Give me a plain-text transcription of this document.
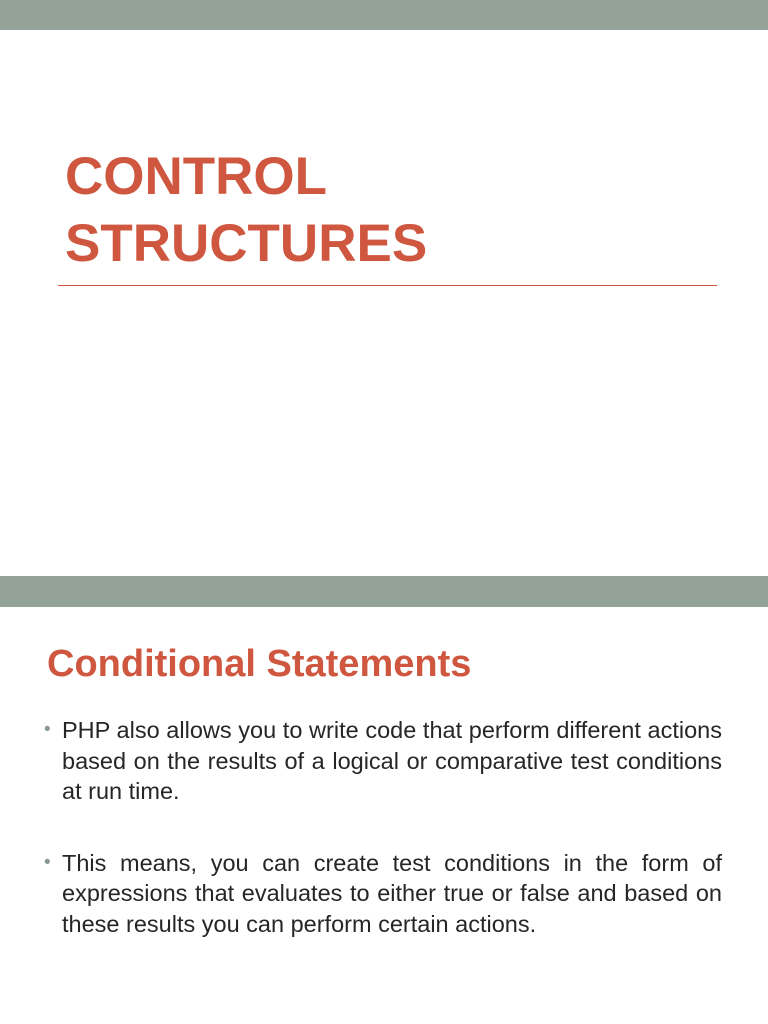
CONTROL
STRUCTURES
Conditional Statements
• PHP also allows you to write code that perform different actions based on the results of a logical or comparative test conditions at run time.
• This means, you can create test conditions in the form of expressions that evaluates to either true or false and based on these results you can perform certain actions.
